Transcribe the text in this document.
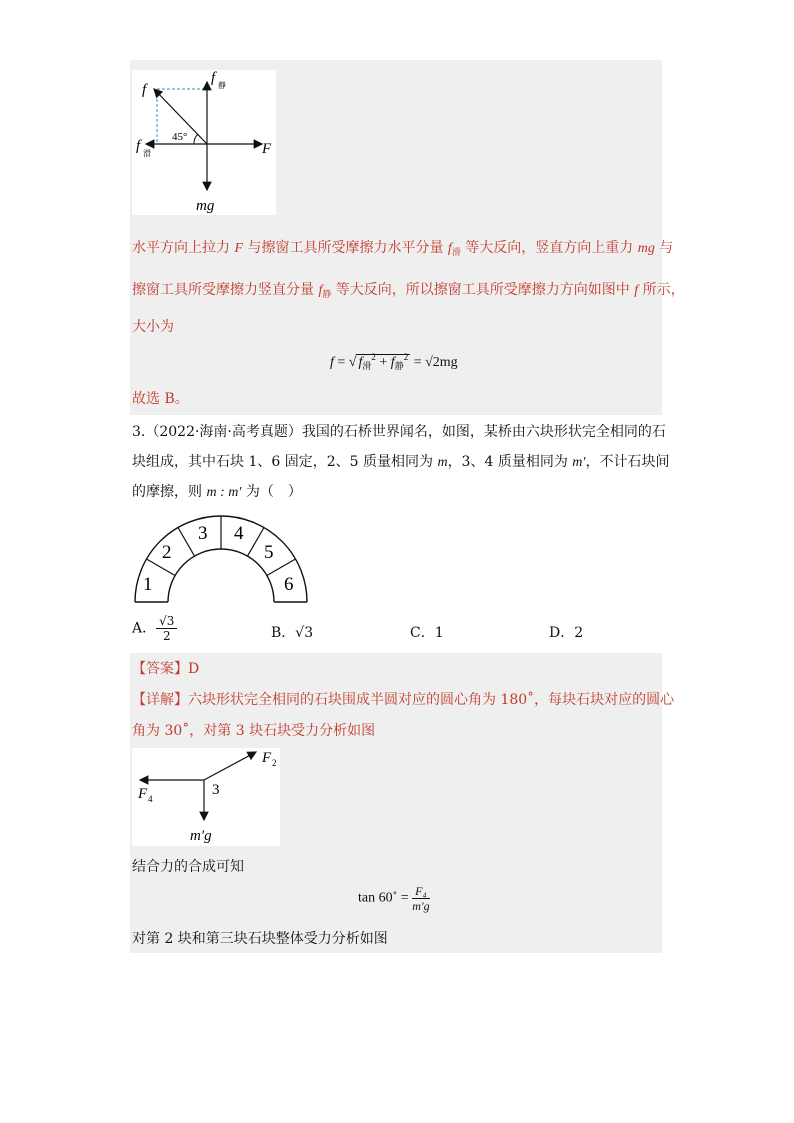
f
f 静
f 滑	F
mg
45°
水平方向上拉力 F 与擦窗工具所受摩擦力水平分量 $f_滑$ 等大反向，竖直方向上重力 mg 与
擦窗工具所受摩擦力竖直分量 $f_静$ 等大反向，所以擦窗工具所受摩擦力方向如图中 f 所示，
大小为
f = √ $f_滑^2 + f_静^2 = √2mg$
故选 B。
3.（2022·海南·高考真题）我国的石桥世界闻名，如图，某桥由六块形状完全相同的石
块组成，其中石块 1、6 固定，2、5 质量相同为 m，3、4 质量相同为 m′，不计石块间
的摩擦，则 m : m′ 为（　）
1
2
3 4
5
6
A． $\frac{√3}{2}$	B．√3	C．1	D．2
【答案】D
【详解】六块形状完全相同的石块围成半圆对应的圆心角为 180˚，每块石块对应的圆心
角为 30˚，对第 3 块石块受力分析如图
F 2
F 4
3
m′g
结合力的合成可知
tan 60˚ = $\frac{\text{F₄}}{m'g}$
对第 2 块和第三块石块整体受力分析如图
